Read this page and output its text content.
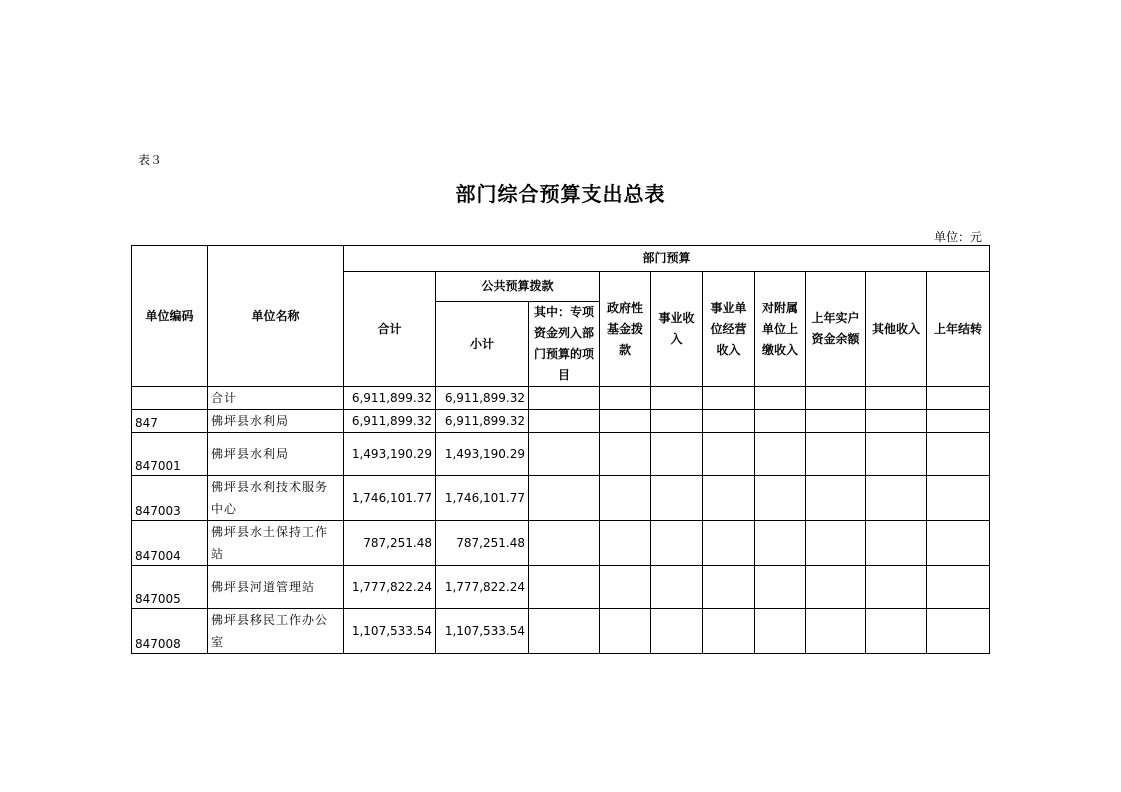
表３
部门综合预算支出总表
单位：元
单位编码	单位名称	部门预算									
		合计	公共预算拨款		政府性基金拨款	事业收入	事业单位经营收入	对附属单位上缴收入	上年实户资金余额	其他收入	上年结转
			小计	其中：专项资金列入部门预算的项目							
	合计	6,911,899.32	6,911,899.32								
847	佛坪县水利局	6,911,899.32	6,911,899.32								
847001	佛坪县水利局	1,493,190.29	1,493,190.29								
847003	佛坪县水利技术服务中心	1,746,101.77	1,746,101.77								
847004	佛坪县水土保持工作站	787,251.48	787,251.48								
847005	佛坪县河道管理站	1,777,822.24	1,777,822.24								
847008	佛坪县移民工作办公室	1,107,533.54	1,107,533.54								
